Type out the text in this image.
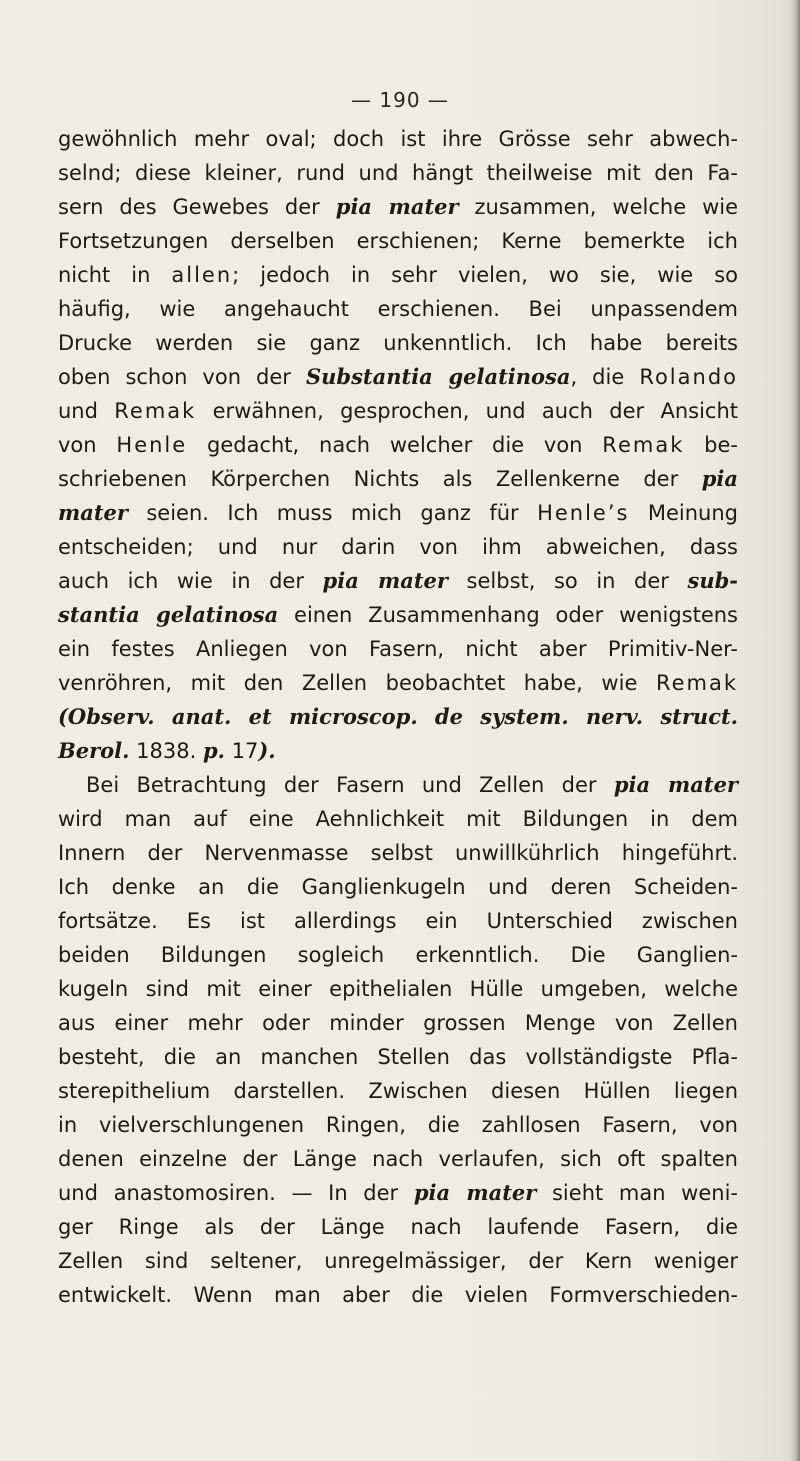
— 190 —
gewöhnlich mehr oval; doch ist ihre Grösse sehr abwech-
selnd; diese kleiner, rund und hängt theilweise mit den Fa-
sern des Gewebes der pia mater zusammen, welche wie
Fortsetzungen derselben erschienen; Kerne bemerkte ich
nicht in allen; jedoch in sehr vielen, wo sie, wie so
häufig, wie angehaucht erschienen. Bei unpassendem
Drucke werden sie ganz unkenntlich. Ich habe bereits
oben schon von der Substantia gelatinosa, die Rolando
und Remak erwähnen, gesprochen, und auch der Ansicht
von Henle gedacht, nach welcher die von Remak be-
schriebenen Körperchen Nichts als Zellenkerne der pia
mater seien. Ich muss mich ganz für Henle’s Meinung
entscheiden; und nur darin von ihm abweichen, dass
auch ich wie in der pia mater selbst, so in der sub-
stantia gelatinosa einen Zusammenhang oder wenigstens
ein festes Anliegen von Fasern, nicht aber Primitiv-Ner-
venröhren, mit den Zellen beobachtet habe, wie Remak
(Observ. anat. et microscop. de system. nerv. struct.
Berol. 1838. p. 17).
Bei Betrachtung der Fasern und Zellen der pia mater
wird man auf eine Aehnlichkeit mit Bildungen in dem
Innern der Nervenmasse selbst unwillkührlich hingeführt.
Ich denke an die Ganglienkugeln und deren Scheiden-
fortsätze. Es ist allerdings ein Unterschied zwischen
beiden Bildungen sogleich erkenntlich. Die Ganglien-
kugeln sind mit einer epithelialen Hülle umgeben, welche
aus einer mehr oder minder grossen Menge von Zellen
besteht, die an manchen Stellen das vollständigste Pfla-
sterepithelium darstellen. Zwischen diesen Hüllen liegen
in vielverschlungenen Ringen, die zahllosen Fasern, von
denen einzelne der Länge nach verlaufen, sich oft spalten
und anastomosiren. — In der pia mater sieht man weni-
ger Ringe als der Länge nach laufende Fasern, die
Zellen sind seltener, unregelmässiger, der Kern weniger
entwickelt. Wenn man aber die vielen Formverschieden-
